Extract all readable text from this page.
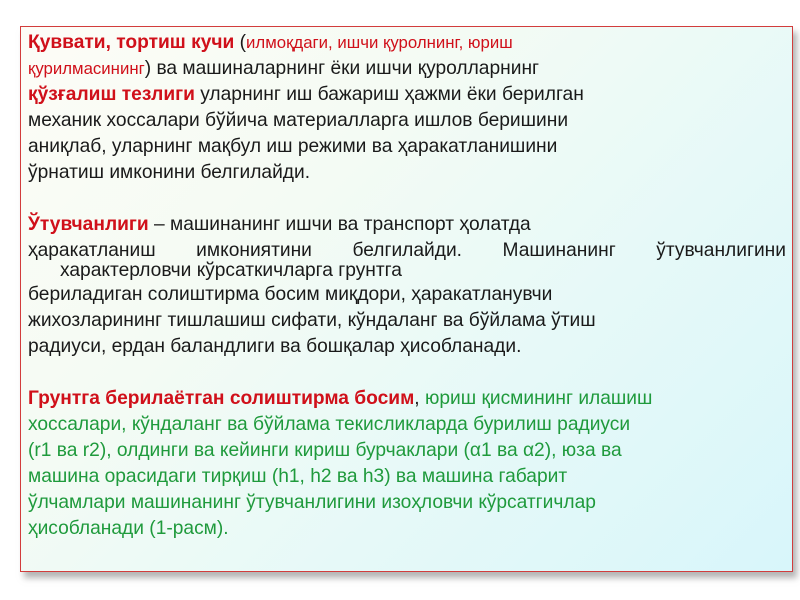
Қуввати, тортиш кучи (илмоқдаги, ишчи қуролнинг, юриш

қурилмасининг) ва машиналарнинг ёки ишчи қуролларнинг

қўзғалиш тезлиги уларнинг иш бажариш ҳажми ёки берилган

механик хоссалари бўйича материалларга ишлов беришини

аниқлаб, уларнинг мақбул иш режими ва ҳаракатланишини

ўрнатиш имконини белгилайди.

Ўтувчанлиги – машинанинг ишчи ва транспорт ҳолатда

ҳаракатланиш имкониятини белгилайди. Машинанинг ўтувчанлигини

характерловчи кўрсаткичларга грунтга

бериладиган солиштирма босим миқдори, ҳаракатланувчи

жихозларининг тишлашиш сифати, кўндаланг ва бўйлама ўтиш

радиуси, ердан баландлиги ва бошқалар ҳисобланади.

Грунтга берилаётган солиштирма босим, юриш қисмининг илашиш

хоссалари, кўндаланг ва бўйлама текисликларда бурилиш радиуси

(r1 ва r2), олдинги ва кейинги кириш бурчаклари (α1 ва α2), юза ва

машина орасидаги тирқиш (h1, h2 ва h3) ва машина габарит

ўлчамлари машинанинг ўтувчанлигини изоҳловчи кўрсатгичлар

ҳисобланади (1-расм).
